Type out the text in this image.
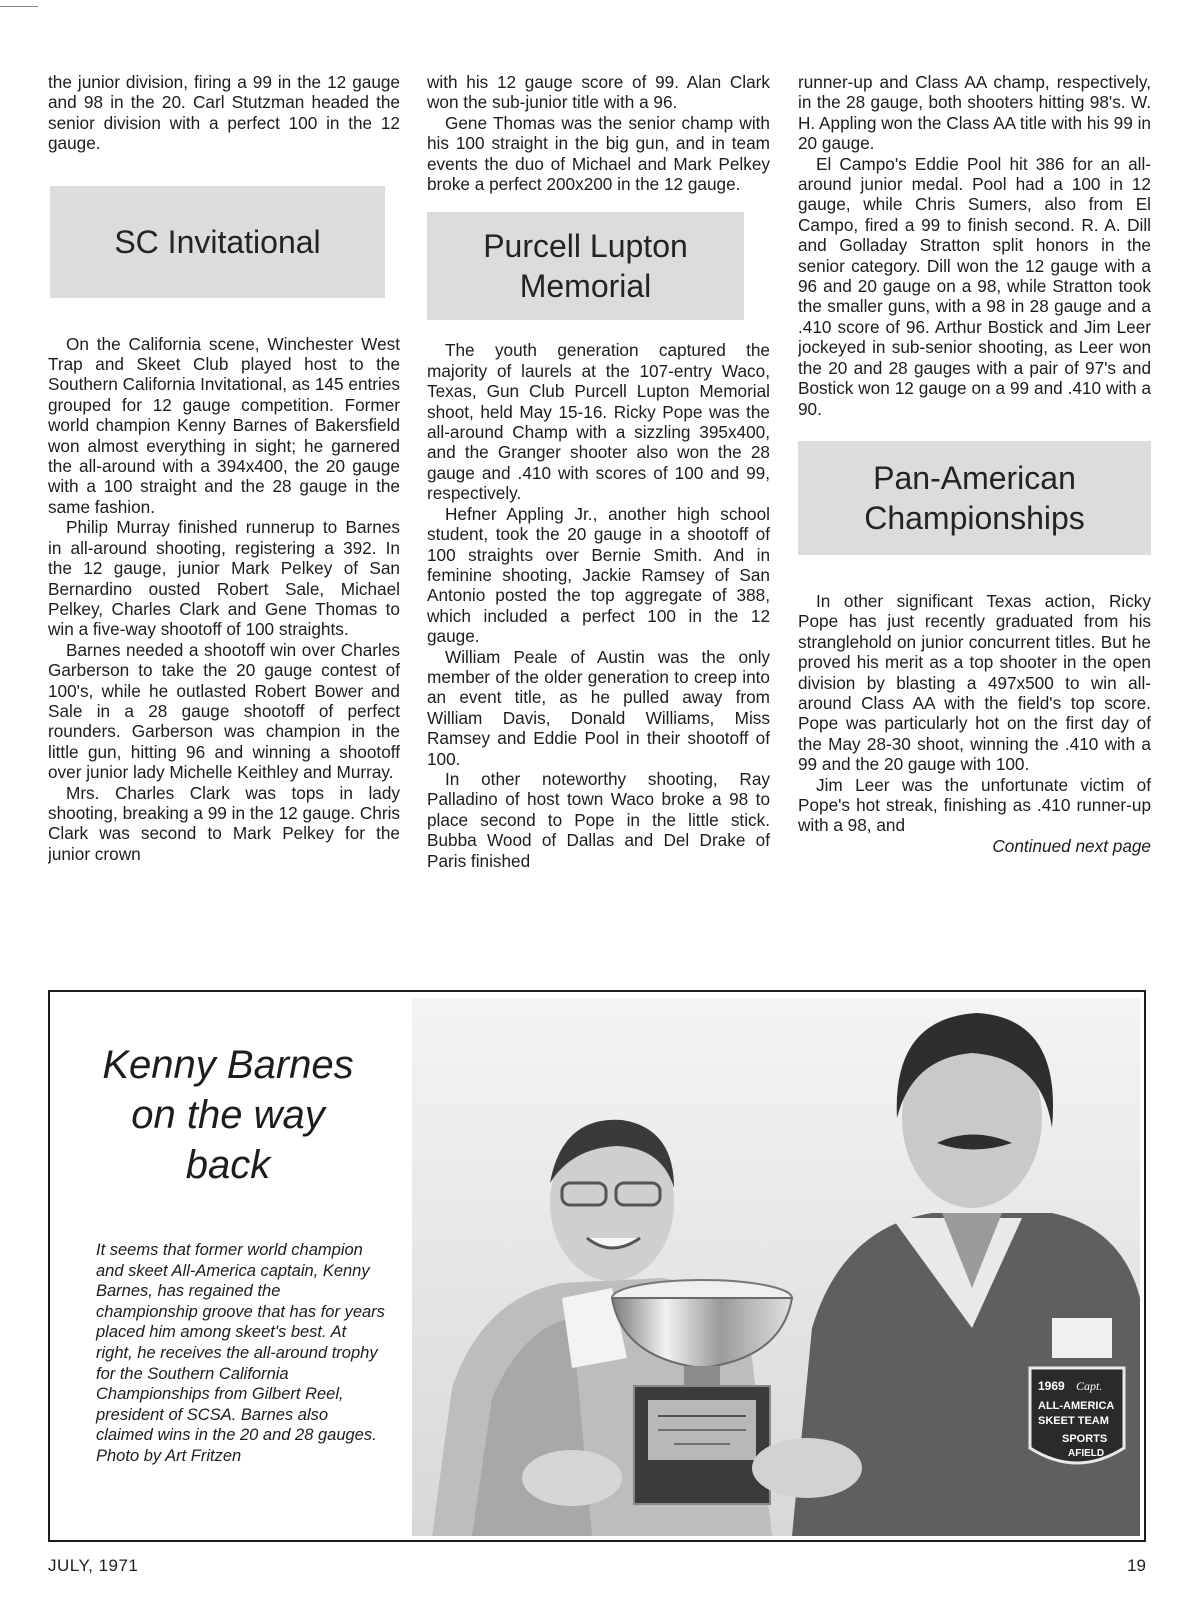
the junior division, firing a 99 in the 12 gauge and 98 in the 20. Carl Stutzman headed the senior division with a perfect 100 in the 12 gauge.

SC Invitational

On the California scene, Winchester West Trap and Skeet Club played host to the Southern California Invitational, as 145 entries grouped for 12 gauge competition. Former world champion Kenny Barnes of Bakersfield won almost everything in sight; he garnered the all-around with a 394x400, the 20 gauge with a 100 straight and the 28 gauge in the same fashion.

Philip Murray finished runnerup to Barnes in all-around shooting, registering a 392. In the 12 gauge, junior Mark Pelkey of San Bernardino ousted Robert Sale, Michael Pelkey, Charles Clark and Gene Thomas to win a five-way shootoff of 100 straights.

Barnes needed a shootoff win over Charles Garberson to take the 20 gauge contest of 100's, while he outlasted Robert Bower and Sale in a 28 gauge shootoff of perfect rounders. Garberson was champion in the little gun, hitting 96 and winning a shootoff over junior lady Michelle Keithley and Murray.

Mrs. Charles Clark was tops in lady shooting, breaking a 99 in the 12 gauge. Chris Clark was second to Mark Pelkey for the junior crown

with his 12 gauge score of 99. Alan Clark won the sub-junior title with a 96.

Gene Thomas was the senior champ with his 100 straight in the big gun, and in team events the duo of Michael and Mark Pelkey broke a perfect 200x200 in the 12 gauge.

Purcell Lupton
Memorial

The youth generation captured the majority of laurels at the 107-entry Waco, Texas, Gun Club Purcell Lupton Memorial shoot, held May 15-16. Ricky Pope was the all-around Champ with a sizzling 395x400, and the Granger shooter also won the 28 gauge and .410 with scores of 100 and 99, respectively.

Hefner Appling Jr., another high school student, took the 20 gauge in a shootoff of 100 straights over Bernie Smith. And in feminine shooting, Jackie Ramsey of San Antonio posted the top aggregate of 388, which included a perfect 100 in the 12 gauge.

William Peale of Austin was the only member of the older generation to creep into an event title, as he pulled away from William Davis, Donald Williams, Miss Ramsey and Eddie Pool in their shootoff of 100.

In other noteworthy shooting, Ray Palladino of host town Waco broke a 98 to place second to Pope in the little stick. Bubba Wood of Dallas and Del Drake of Paris finished

runner-up and Class AA champ, respectively, in the 28 gauge, both shooters hitting 98's. W. H. Appling won the Class AA title with his 99 in 20 gauge.

El Campo's Eddie Pool hit 386 for an all-around junior medal. Pool had a 100 in 12 gauge, while Chris Sumers, also from El Campo, fired a 99 to finish second. R. A. Dill and Golladay Stratton split honors in the senior category. Dill won the 12 gauge with a 96 and 20 gauge on a 98, while Stratton took the smaller guns, with a 98 in 28 gauge and a .410 score of 96. Arthur Bostick and Jim Leer jockeyed in sub-senior shooting, as Leer won the 20 and 28 gauges with a pair of 97's and Bostick won 12 gauge on a 99 and .410 with a 90.

Pan-American
Championships

In other significant Texas action, Ricky Pope has just recently graduated from his stranglehold on junior concurrent titles. But he proved his merit as a top shooter in the open division by blasting a 497x500 to win all-around Class AA with the field's top score. Pope was particularly hot on the first day of the May 28-30 shoot, winning the .410 with a 99 and the 20 gauge with 100.

Jim Leer was the unfortunate victim of Pope's hot streak, finishing as .410 runner-up with a 98, and

Continued next page

Kenny Barnes
on the way
back
It seems that former world champion and skeet All-America captain, Kenny Barnes, has regained the championship groove that has for years placed him among skeet's best. At right, he receives the all-around trophy for the Southern California Championships from Gilbert Reel, president of SCSA. Barnes also claimed wins in the 20 and 28 gauges. Photo by Art Fritzen
1969 Capt.
ALL-AMERICA
SKEET TEAM
SPORTS
AFIELD
JULY, 1971	19
